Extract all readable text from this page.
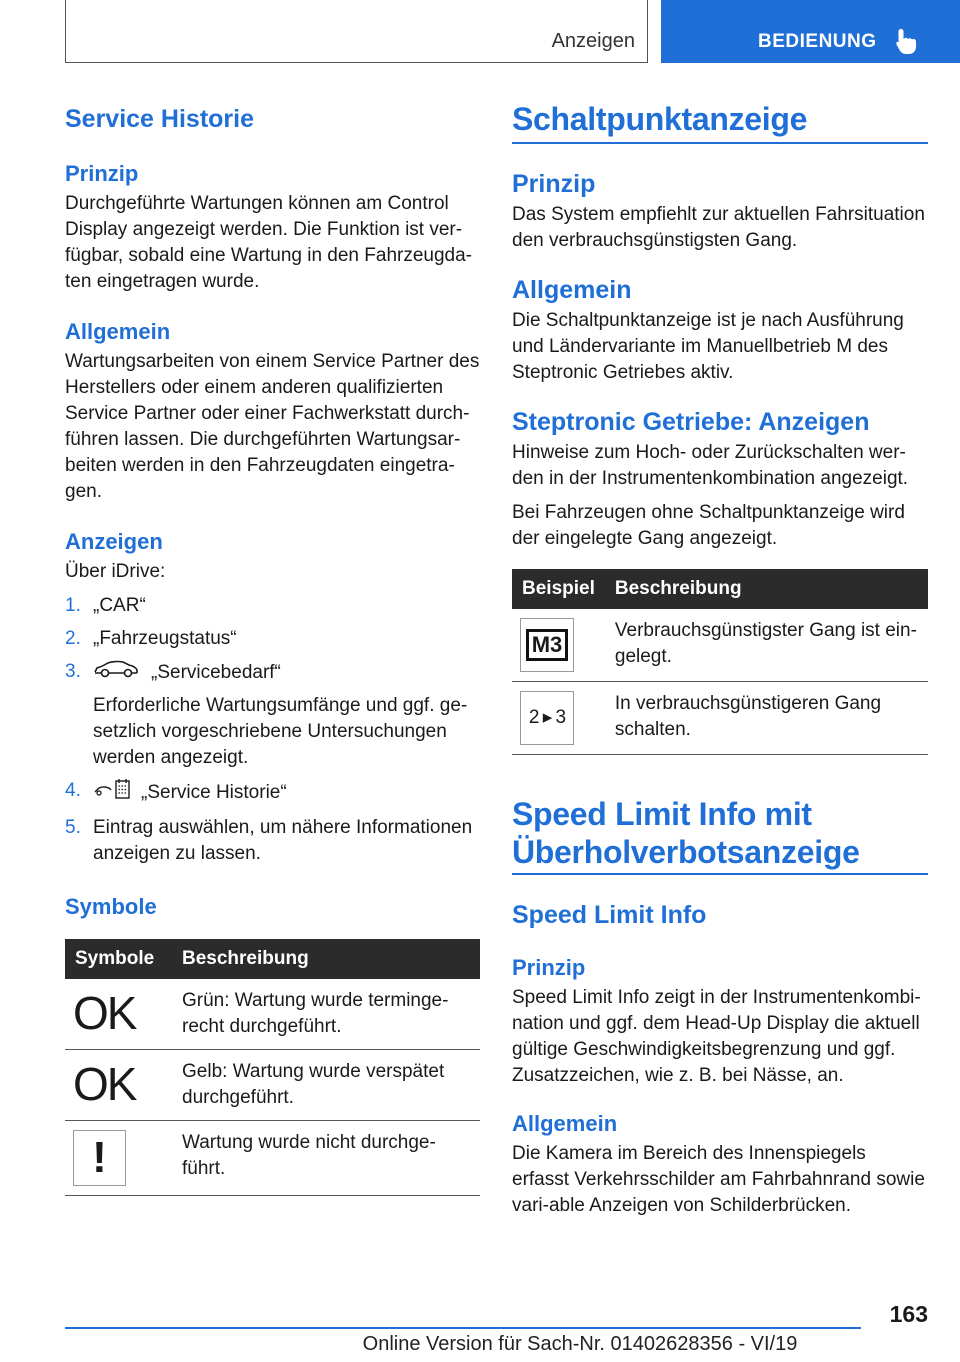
Anzeigen	BEDIENUNG
Service Historie
Prinzip

Durchgeführte Wartungen können am Control Display angezeigt werden. Die Funktion ist ver‐fügbar, sobald eine Wartung in den Fahrzeugda‐ten eingetragen wurde.

Allgemein

Wartungsarbeiten von einem Service Partner des Herstellers oder einem anderen qualifizierten Service Partner oder einer Fachwerkstatt durch‐führen lassen. Die durchgeführten Wartungsar‐beiten werden in den Fahrzeugdaten eingetra‐gen.

Anzeigen

Über iDrive:

1. „CAR“
2. „Fahrzeugstatus“
3.	„Servicebedarf“
Erforderliche Wartungsumfänge und ggf. ge‐setzlich vorgeschriebene Untersuchungen werden angezeigt.
4.	„Service Historie“
5. Eintrag auswählen, um nähere Informationen anzeigen zu lassen.
Symbole
Symbole	Beschreibung
OK	Grün: Wartung wurde terminge‐recht durchgeführt.
OK	Gelb: Wartung wurde verspätet durchgeführt.

!	Wartung wurde nicht durchge‐führt.
Schaltpunktanzeige
Prinzip

Das System empfiehlt zur aktuellen Fahrsituation den verbrauchsgünstigsten Gang.

Allgemein

Die Schaltpunktanzeige ist je nach Ausführung und Ländervariante im Manuellbetrieb M des Steptronic Getriebes aktiv.

Steptronic Getriebe: Anzeigen

Hinweise zum Hoch- oder Zurückschalten wer‐den in der Instrumentenkombination angezeigt.

Bei Fahrzeugen ohne Schaltpunktanzeige wird der eingelegte Gang angezeigt.

Beispiel	Beschreibung

M3	Verbrauchsgünstigster Gang ist ein‐gelegt.

2 ▸ 3	In verbrauchsgünstigeren Gang schalten.
Speed Limit Info mit
Überholverbotsanzeige
Speed Limit Info
Prinzip

Speed Limit Info zeigt in der Instrumentenkombi‐nation und ggf. dem Head-Up Display die aktuell gültige Geschwindigkeitsbegrenzung und ggf. Zusatzzeichen, wie z. B. bei Nässe, an.

Allgemein

Die Kamera im Bereich des Innenspiegels erfasst Verkehrsschilder am Fahrbahnrand sowie vari‐able Anzeigen von Schilderbrücken.

163
Online Version für Sach-Nr. 01402628356 - VI/19
